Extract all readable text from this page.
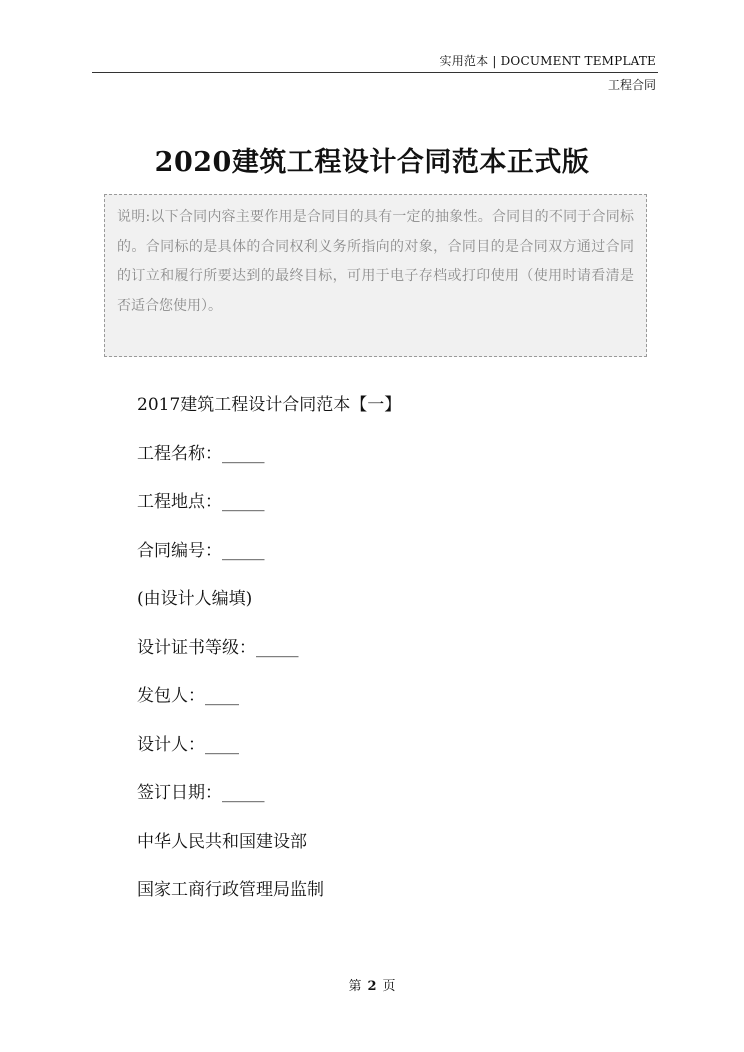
实用范本 | DOCUMENT TEMPLATE
工程合同
2020建筑工程设计合同范本正式版
说明:以下合同内容主要作用是合同目的具有一定的抽象性。合同目的不同于合同标的。合同标的是具体的合同权利义务所指向的对象，合同目的是合同双方通过合同的订立和履行所要达到的最终目标，可用于电子存档或打印使用（使用时请看清是否适合您使用）。
2017建筑工程设计合同范本【一】
工程名称：_____
工程地点：_____
合同编号：_____
(由设计人编填)
设计证书等级：_____
发包人：____
设计人：____
签订日期：_____
中华人民共和国建设部
国家工商行政管理局监制
第 2 页
